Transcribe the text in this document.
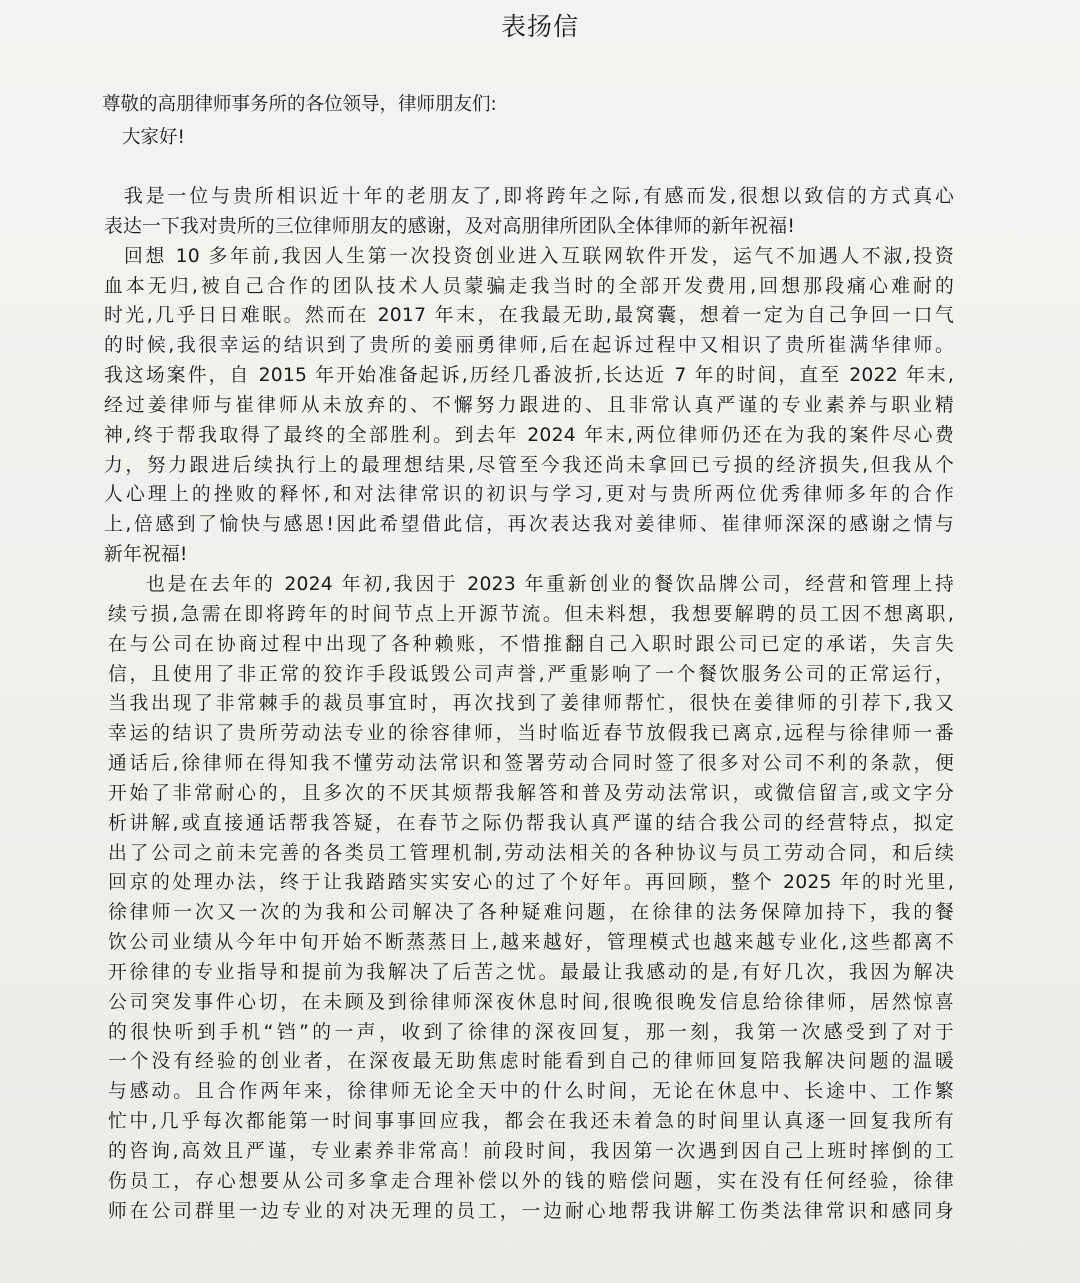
表扬信

尊敬的高朋律师事务所的各位领导，律师朋友们:

大家好!

我是一位与贵所相识近十年的老朋友了,即将跨年之际,有感而发,很想以致信的方式真心
表达一下我对贵所的三位律师朋友的感谢，及对高朋律所团队全体律师的新年祝福!
回想 10 多年前,我因人生第一次投资创业进入互联网软件开发，运气不加遇人不淑,投资
血本无归,被自己合作的团队技术人员蒙骗走我当时的全部开发费用,回想那段痛心难耐的
时光,几乎日日难眠。然而在 2017 年末，在我最无助,最窝囊，想着一定为自己争回一口气
的时候,我很幸运的结识到了贵所的姜丽勇律师,后在起诉过程中又相识了贵所崔满华律师。
我这场案件，自 2015 年开始准备起诉,历经几番波折,长达近 7 年的时间，直至 2022 年末,
经过姜律师与崔律师从未放弃的、不懈努力跟进的、且非常认真严谨的专业素养与职业精
神,终于帮我取得了最终的全部胜利。到去年 2024 年末,两位律师仍还在为我的案件尽心费
力，努力跟进后续执行上的最理想结果,尽管至今我还尚未拿回已亏损的经济损失,但我从个
人心理上的挫败的释怀,和对法律常识的初识与学习,更对与贵所两位优秀律师多年的合作
上,倍感到了愉快与感恩!因此希望借此信，再次表达我对姜律师、崔律师深深的感谢之情与
新年祝福!
也是在去年的 2024 年初,我因于 2023 年重新创业的餐饮品牌公司，经营和管理上持
续亏损,急需在即将跨年的时间节点上开源节流。但未料想，我想要解聘的员工因不想离职,
在与公司在协商过程中出现了各种赖账，不惜推翻自己入职时跟公司已定的承诺，失言失
信，且使用了非正常的狡诈手段诋毁公司声誉,严重影响了一个餐饮服务公司的正常运行，
当我出现了非常棘手的裁员事宜时，再次找到了姜律师帮忙，很快在姜律师的引荐下,我又
幸运的结识了贵所劳动法专业的徐容律师，当时临近春节放假我已离京,远程与徐律师一番
通话后,徐律师在得知我不懂劳动法常识和签署劳动合同时签了很多对公司不利的条款，便
开始了非常耐心的，且多次的不厌其烦帮我解答和普及劳动法常识，或微信留言,或文字分
析讲解,或直接通话帮我答疑，在春节之际仍帮我认真严谨的结合我公司的经营特点，拟定
出了公司之前未完善的各类员工管理机制,劳动法相关的各种协议与员工劳动合同，和后续
回京的处理办法，终于让我踏踏实实安心的过了个好年。再回顾，整个 2025 年的时光里,
徐律师一次又一次的为我和公司解决了各种疑难问题，在徐律的法务保障加持下，我的餐
饮公司业绩从今年中旬开始不断蒸蒸日上,越来越好，管理模式也越来越专业化,这些都离不
开徐律的专业指导和提前为我解决了后苦之忧。最最让我感动的是,有好几次，我因为解决
公司突发事件心切，在未顾及到徐律师深夜休息时间,很晚很晚发信息给徐律师，居然惊喜
的很快听到手机“铛”的一声，收到了徐律的深夜回复，那一刻，我第一次感受到了对于
一个没有经验的创业者，在深夜最无助焦虑时能看到自己的律师回复陪我解决问题的温暖
与感动。且合作两年来，徐律师无论全天中的什么时间，无论在休息中、长途中、工作繁
忙中,几乎每次都能第一时间事事回应我，都会在我还未着急的时间里认真逐一回复我所有
的咨询,高效且严谨，专业素养非常高！前段时间，我因第一次遇到因自己上班时摔倒的工
伤员工，存心想要从公司多拿走合理补偿以外的钱的赔偿问题，实在没有任何经验，徐律
师在公司群里一边专业的对决无理的员工，一边耐心地帮我讲解工伤类法律常识和感同身
